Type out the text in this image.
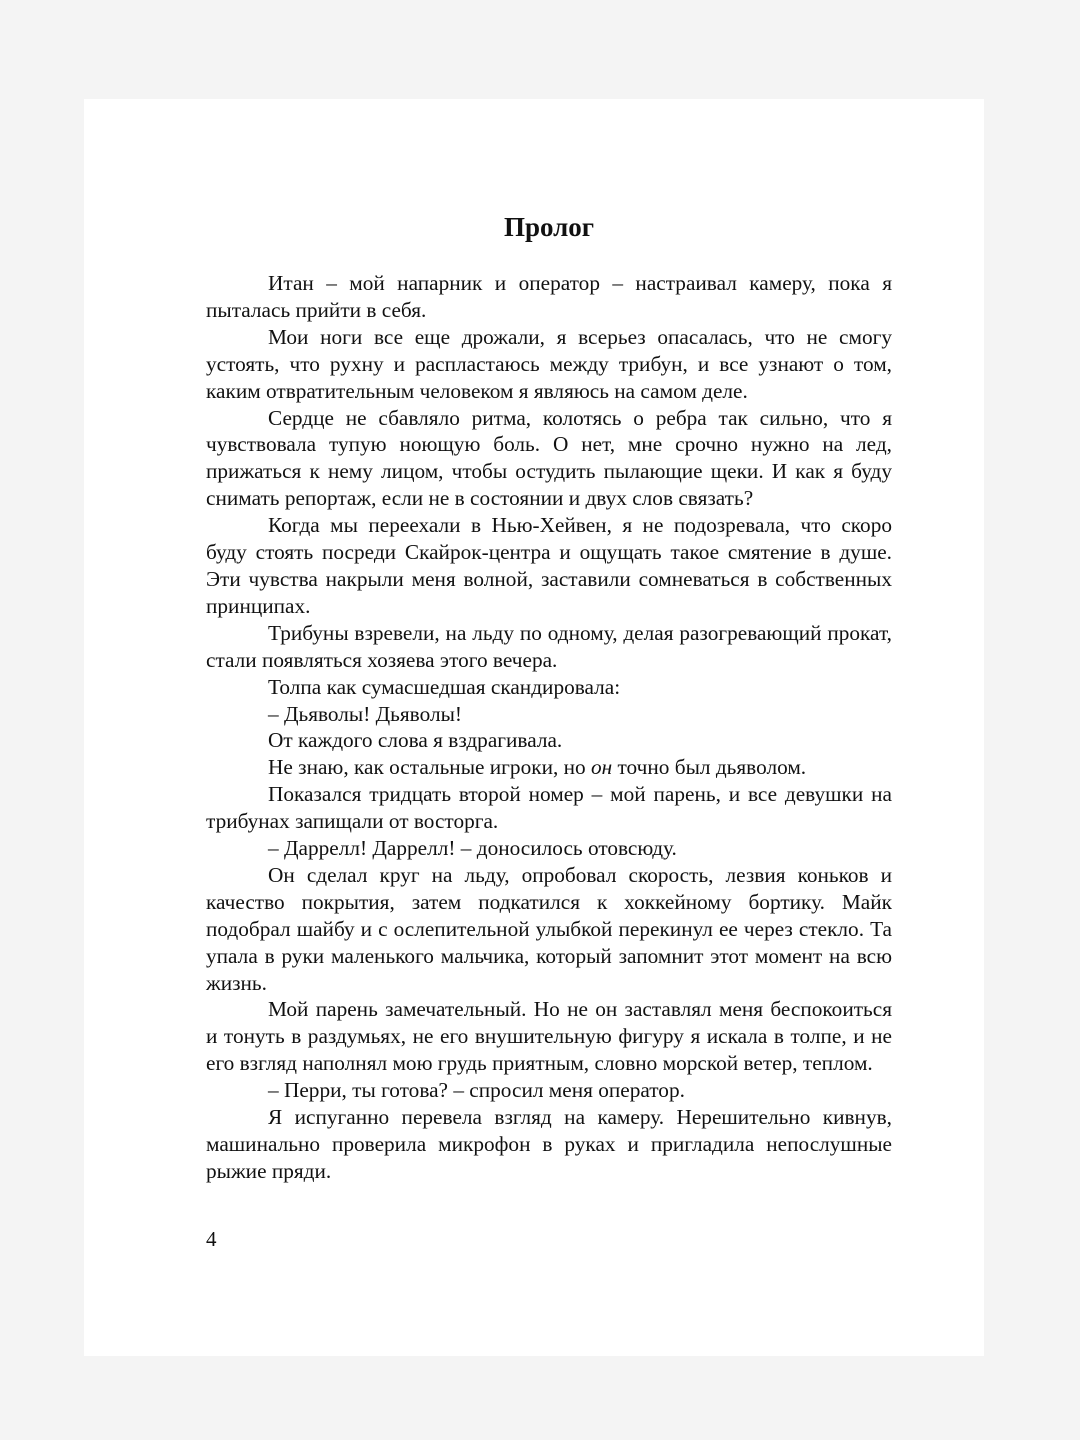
Пролог

Итан – мой напарник и оператор – настраивал камеру, пока я пыталась прийти в себя.

Мои ноги все еще дрожали, я всерьез опасалась, что не смогу устоять, что рухну и распластаюсь между трибун, и все узнают о том, каким отвратительным человеком я являюсь на самом деле.

Сердце не сбавляло ритма, колотясь о ребра так сильно, что я чувствовала тупую ноющую боль. О нет, мне срочно нужно на лед, прижаться к нему лицом, чтобы остудить пылающие щеки. И как я буду снимать репортаж, если не в состоянии и двух слов связать?

Когда мы переехали в Нью-Хейвен, я не подозревала, что скоро буду стоять посреди Скайрок-центра и ощущать такое смятение в душе. Эти чувства накрыли меня волной, заставили сомневаться в собственных принципах.

Трибуны взревели, на льду по одному, делая разогревающий прокат, стали появляться хозяева этого вечера.

Толпа как сумасшедшая скандировала:

– Дьяволы! Дьяволы!

От каждого слова я вздрагивала.

Не знаю, как остальные игроки, но он точно был дьяволом.

Показался тридцать второй номер – мой парень, и все девушки на трибунах запищали от восторга.

– Даррелл! Даррелл! – доносилось отовсюду.

Он сделал круг на льду, опробовал скорость, лезвия коньков и качество покрытия, затем подкатился к хоккейному бортику. Майк подобрал шайбу и с ослепительной улыбкой перекинул ее через стекло. Та упала в руки маленького мальчика, который запомнит этот момент на всю жизнь.

Мой парень замечательный. Но не он заставлял меня беспокоиться и тонуть в раздумьях, не его внушительную фигуру я искала в толпе, и не его взгляд наполнял мою грудь приятным, словно морской ветер, теплом.

– Перри, ты готова? – спросил меня оператор.

Я испуганно перевела взгляд на камеру. Нерешительно кивнув, машинально проверила микрофон в руках и пригладила непослушные рыжие пряди.

4
